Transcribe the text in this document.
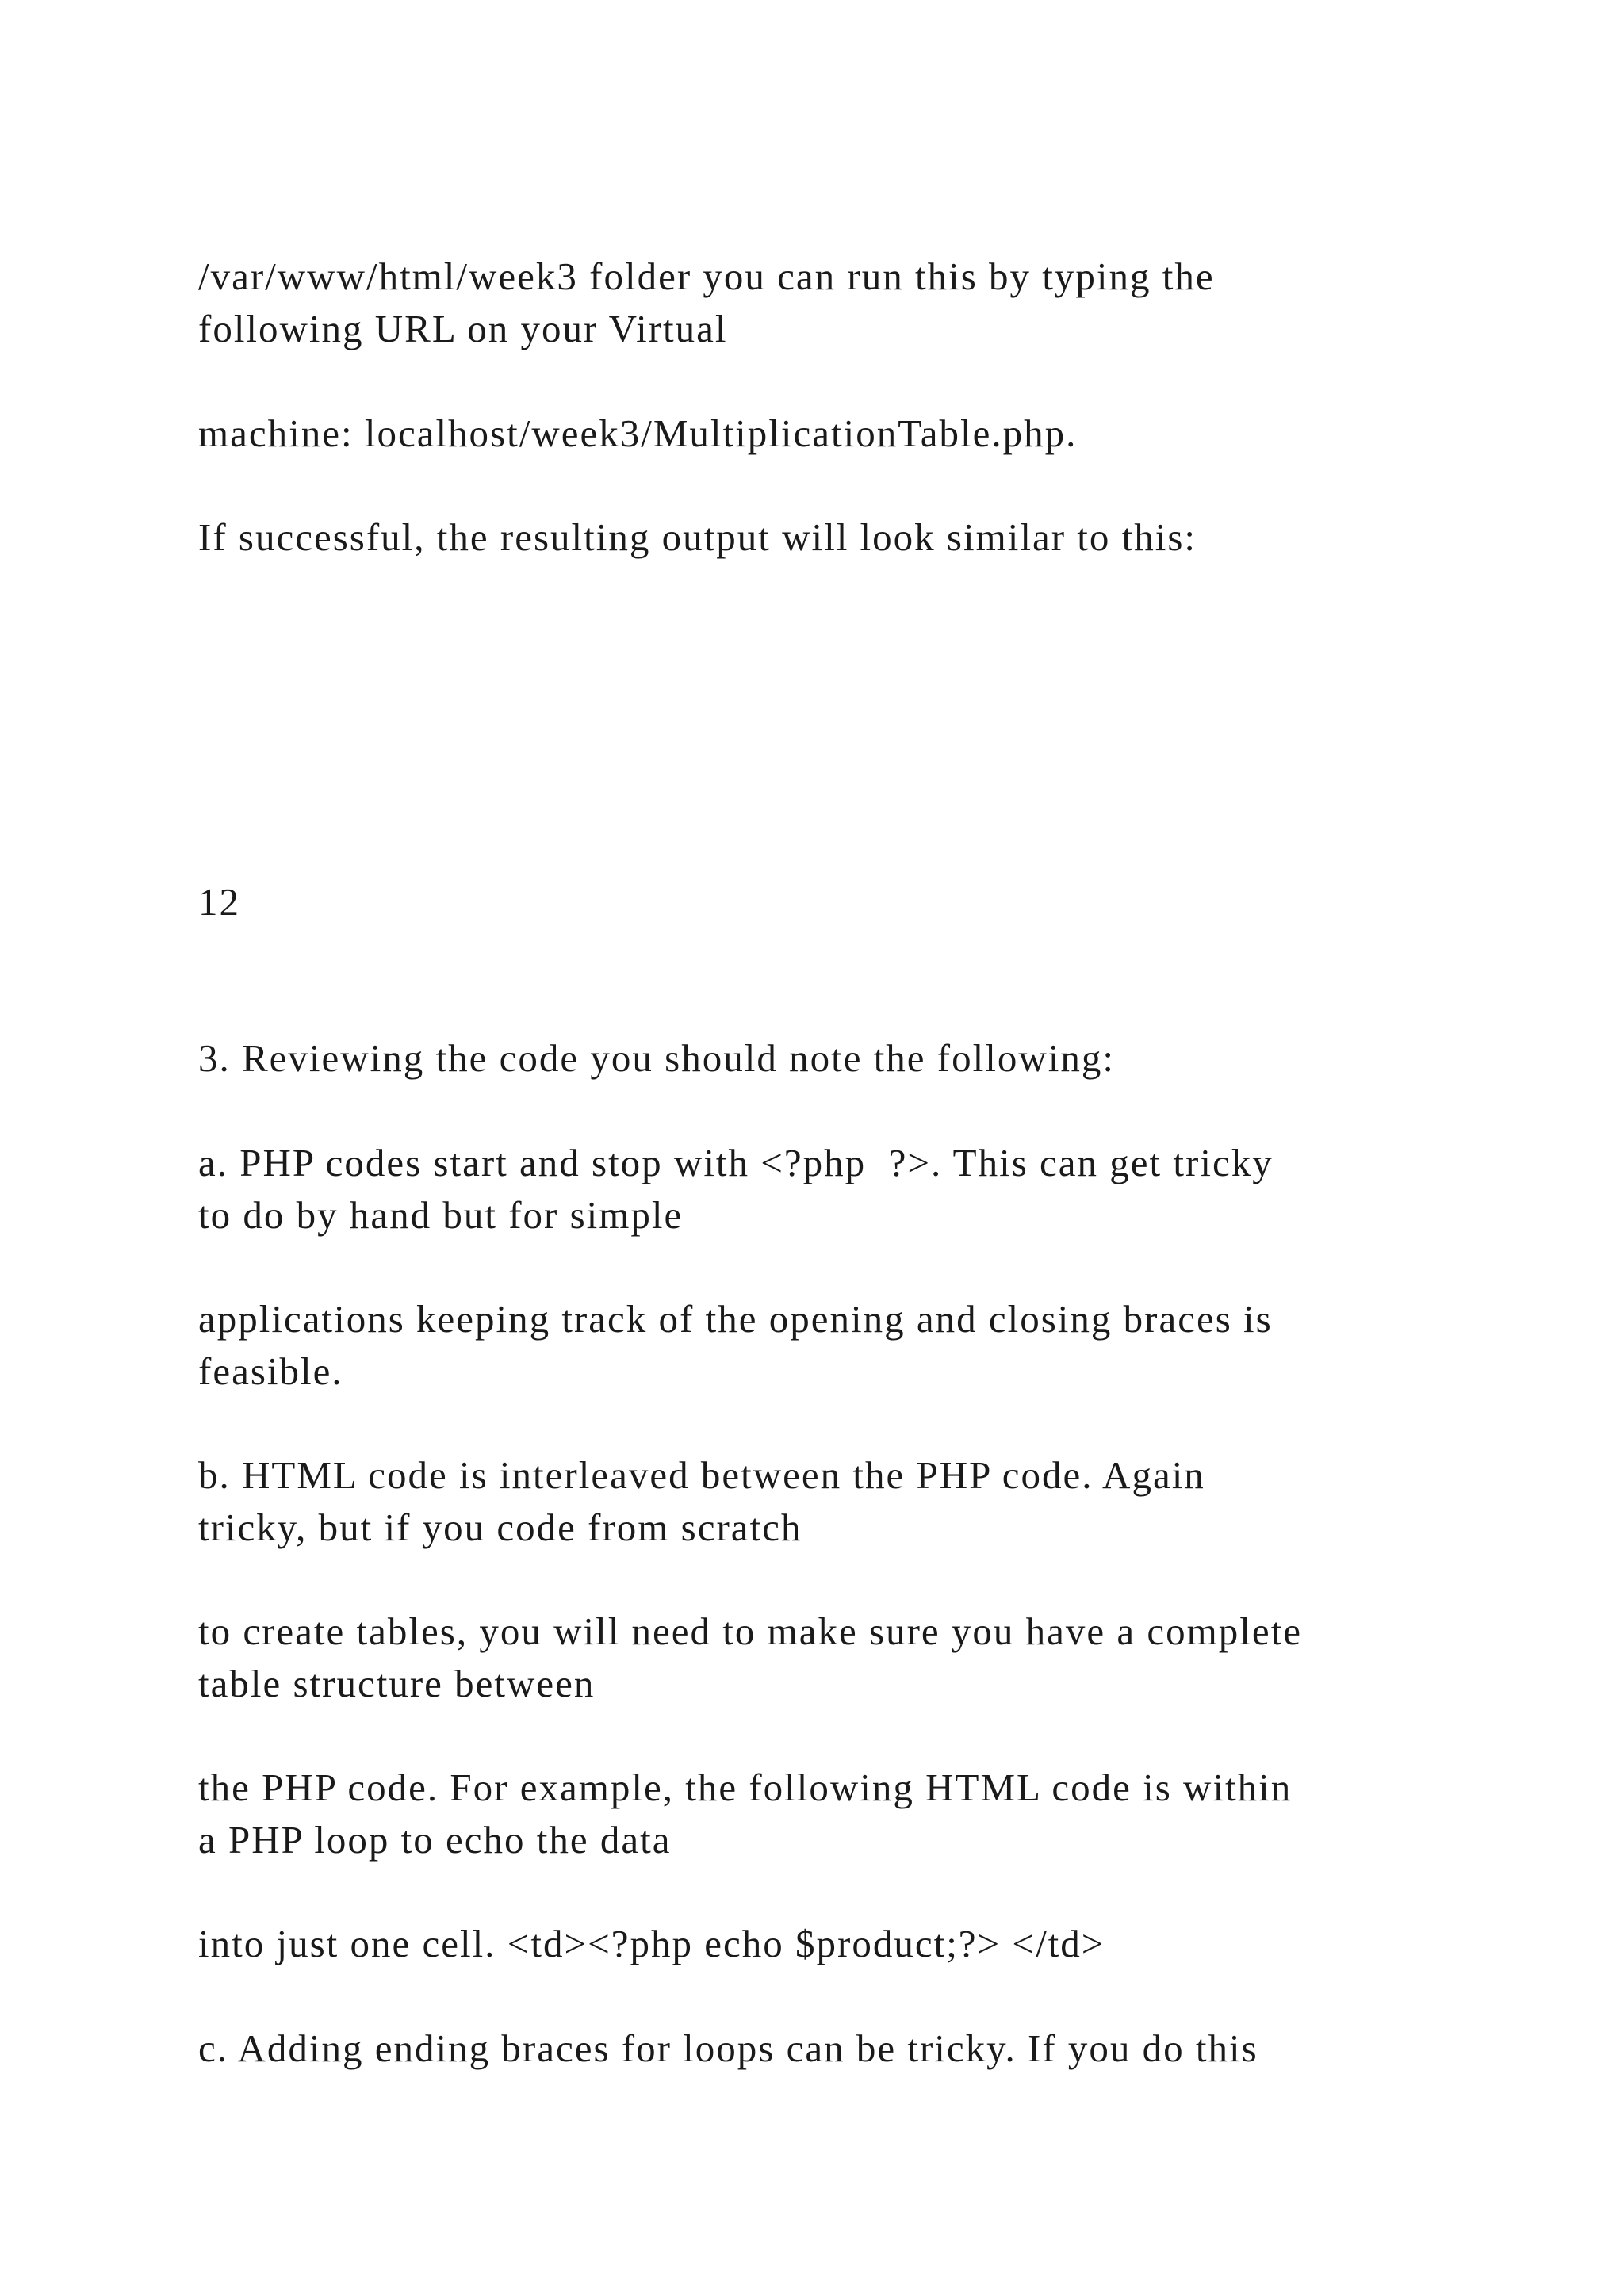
/var/www/html/week3 folder you can run this by typing the
following URL on your Virtual

machine: localhost/week3/MultiplicationTable.php.

If successful, the resulting output will look similar to this:

12

3. Reviewing the code you should note the following:

a. PHP codes start and stop with <?php  ?>. This can get tricky
to do by hand but for simple

applications keeping track of the opening and closing braces is
feasible.

b. HTML code is interleaved between the PHP code. Again
tricky, but if you code from scratch

to create tables, you will need to make sure you have a complete
table structure between

the PHP code. For example, the following HTML code is within
a PHP loop to echo the data

into just one cell. <td><?php echo $product;?> </td>

c. Adding ending braces for loops can be tricky. If you do this
